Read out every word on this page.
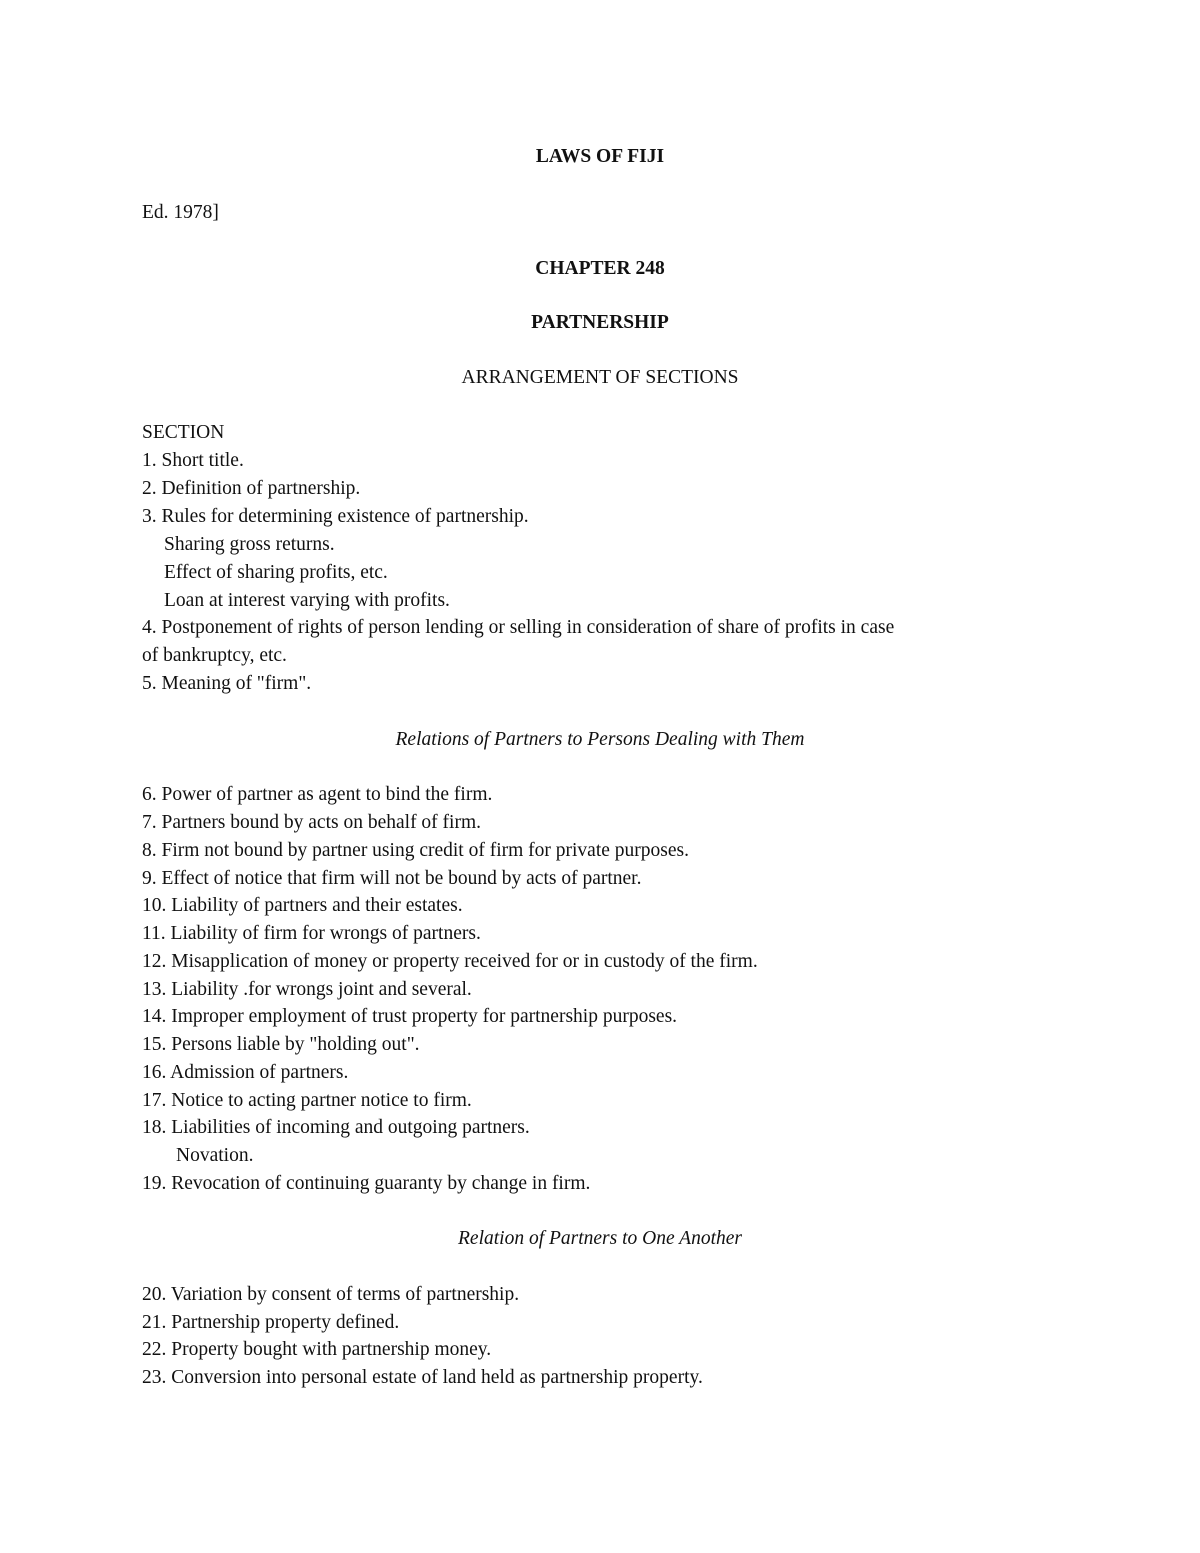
LAWS OF FIJI
Ed. 1978]
CHAPTER 248
PARTNERSHIP
ARRANGEMENT OF SECTIONS
SECTION
1. Short title.
2. Definition of partnership.
3. Rules for determining existence of partnership.
Sharing gross returns.
Effect of sharing profits, etc.
Loan at interest varying with profits.
4. Postponement of rights of person lending or selling in consideration of share of profits in case
of bankruptcy, etc.
5. Meaning of "firm".
Relations of Partners to Persons Dealing with Them
6. Power of partner as agent to bind the firm.
7. Partners bound by acts on behalf of firm.
8. Firm not bound by partner using credit of firm for private purposes.
9. Effect of notice that firm will not be bound by acts of partner.
10. Liability of partners and their estates.
11. Liability of firm for wrongs of partners.
12. Misapplication of money or property received for or in custody of the firm.
13. Liability .for wrongs joint and several.
14. Improper employment of trust property for partnership purposes.
15. Persons liable by "holding out".
16. Admission of partners.
17. Notice to acting partner notice to firm.
18. Liabilities of incoming and outgoing partners.
Novation.
19. Revocation of continuing guaranty by change in firm.
Relation of Partners to One Another
20. Variation by consent of terms of partnership.
21. Partnership property defined.
22. Property bought with partnership money.
23. Conversion into personal estate of land held as partnership property.
